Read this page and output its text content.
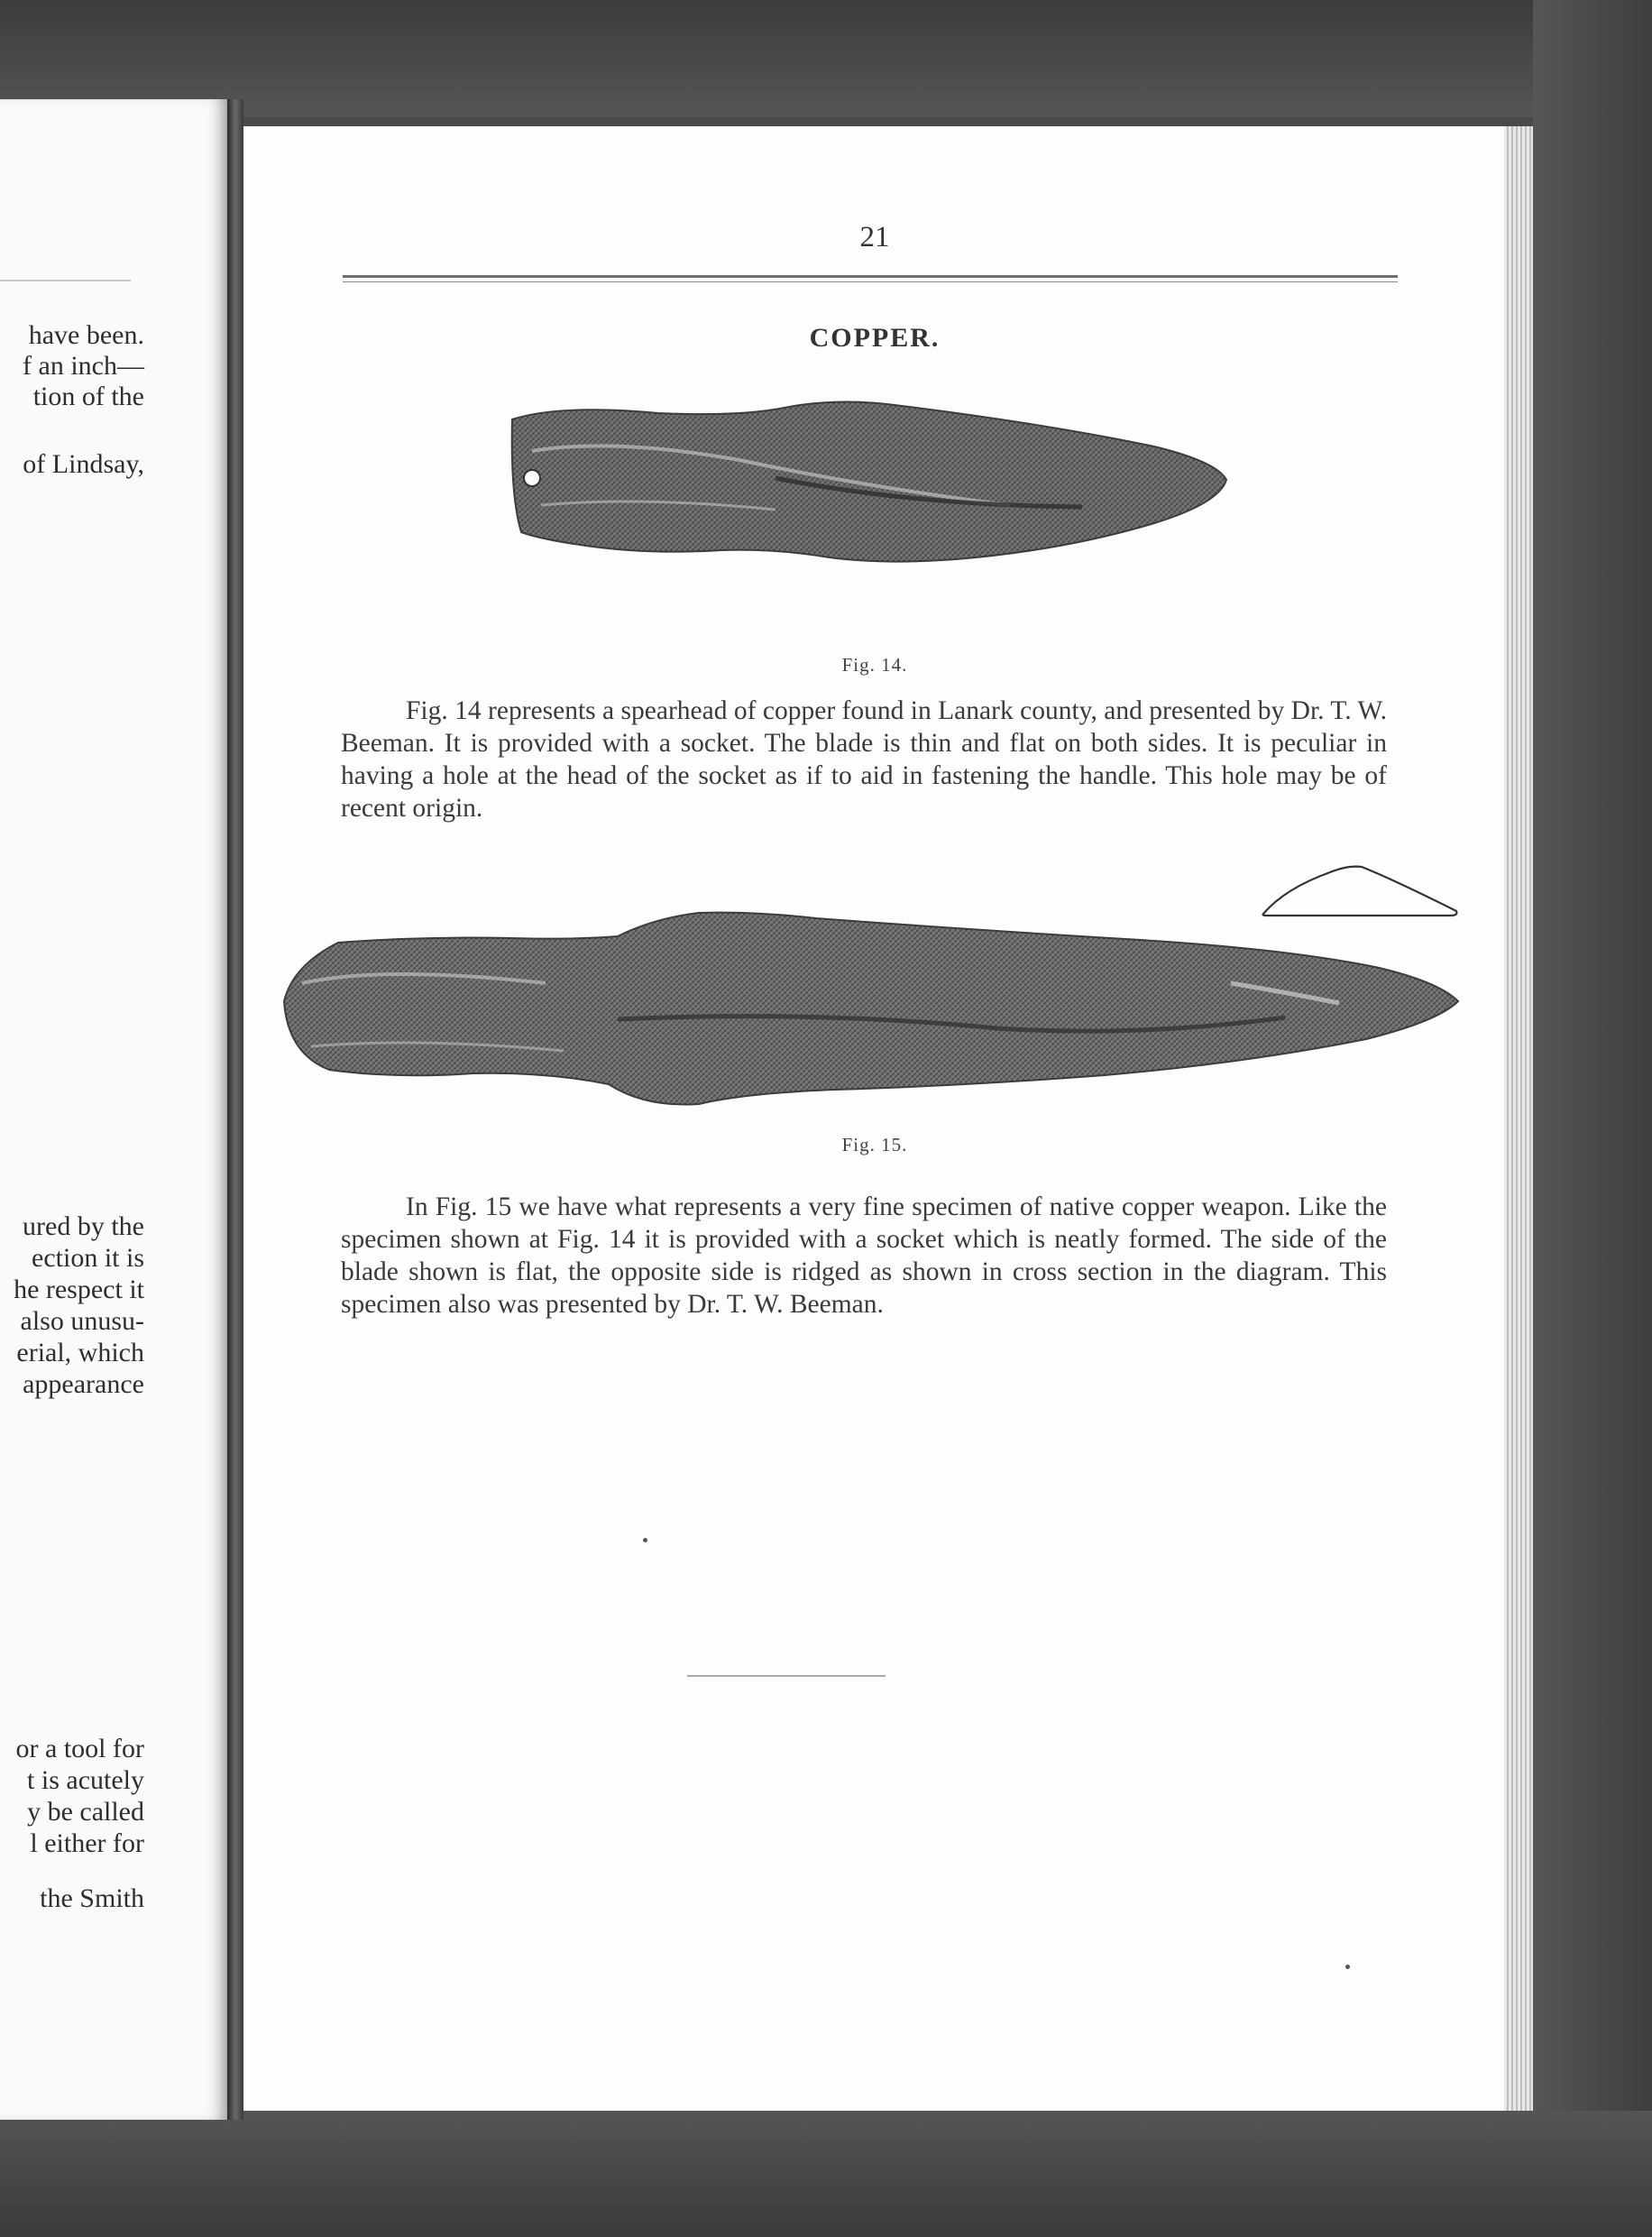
have been.
f an inch—
tion of the
of Lindsay,
ured by the
ection it is
he respect it
also unusu-
erial, which
appearance
or a tool for
t is acutely
y be called
l either for
the Smith
21
COPPER.
Fig. 14.

Fig. 14 represents a spearhead of copper found in Lanark county, and presented by Dr. T. W. Beeman. It is provided with a socket. The blade is thin and flat on both sides. It is peculiar in having a hole at the head of the socket as if to aid in fastening the handle. This hole may be of recent origin.

Fig. 15.

In Fig. 15 we have what represents a very fine specimen of native copper weapon. Like the specimen shown at Fig. 14 it is provided with a socket which is neatly formed. The side of the blade shown is flat, the opposite side is ridged as shown in cross section in the diagram. This specimen also was presented by Dr. T. W. Beeman.
